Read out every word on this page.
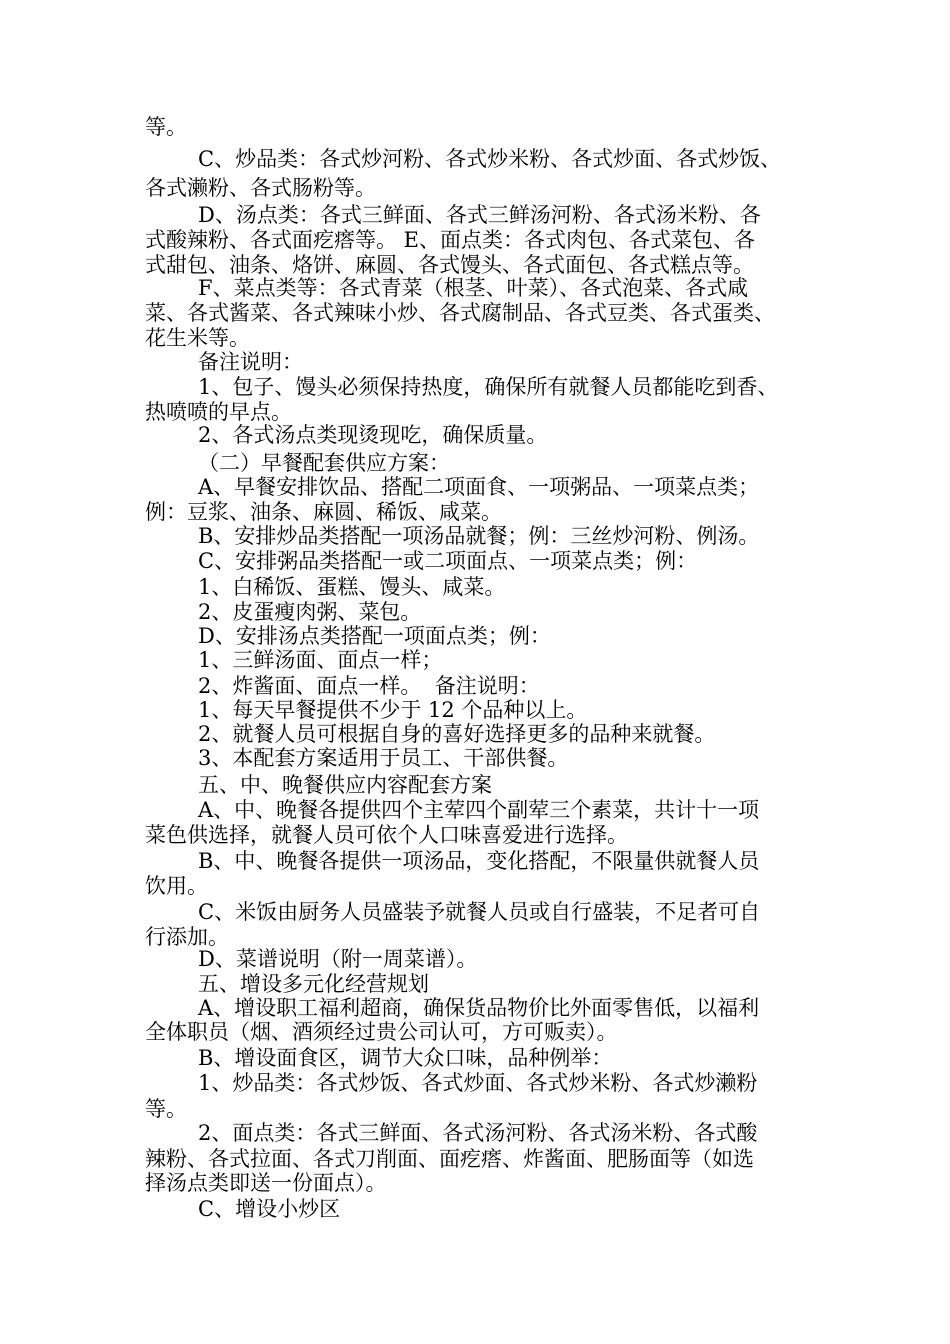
等。
C、炒品类：各式炒河粉、各式炒米粉、各式炒面、各式炒饭、
各式濑粉、各式肠粉等。
D、汤点类：各式三鲜面、各式三鲜汤河粉、各式汤米粉、各
式酸辣粉、各式面疙瘩等。 E、面点类：各式肉包、各式菜包、各
式甜包、油条、烙饼、麻圆、各式馒头、各式面包、各式糕点等。
F、菜点类等：各式青菜（根茎、叶菜）、各式泡菜、各式咸
菜、各式酱菜、各式辣味小炒、各式腐制品、各式豆类、各式蛋类、
花生米等。
备注说明：
1、包子、馒头必须保持热度，确保所有就餐人员都能吃到香、
热喷喷的早点。
2、各式汤点类现烫现吃，确保质量。
（二）早餐配套供应方案：
A、早餐安排饮品、搭配二项面食、一项粥品、一项菜点类；
例：豆浆、油条、麻圆、稀饭、咸菜。
B、安排炒品类搭配一项汤品就餐；例：三丝炒河粉、例汤。
C、安排粥品类搭配一或二项面点、一项菜点类；例：
1、白稀饭、蛋糕、馒头、咸菜。
2、皮蛋瘦肉粥、菜包。
D、安排汤点类搭配一项面点类；例：
1、三鲜汤面、面点一样；
2、炸酱面、面点一样。  备注说明：
1、每天早餐提供不少于 12 个品种以上。
2、就餐人员可根据自身的喜好选择更多的品种来就餐。
3、本配套方案适用于员工、干部供餐。
五、中、晚餐供应内容配套方案
A、中、晚餐各提供四个主荤四个副荤三个素菜，共计十一项
菜色供选择，就餐人员可依个人口味喜爱进行选择。
B、中、晚餐各提供一项汤品，变化搭配，不限量供就餐人员
饮用。
C、米饭由厨务人员盛装予就餐人员或自行盛装，不足者可自
行添加。
D、菜谱说明（附一周菜谱）。
五、增设多元化经营规划
A、增设职工福利超商，确保货品物价比外面零售低，以福利
全体职员（烟、酒须经过贵公司认可，方可贩卖）。
B、增设面食区，调节大众口味，品种例举：
1、炒品类：各式炒饭、各式炒面、各式炒米粉、各式炒濑粉
等。
2、面点类：各式三鲜面、各式汤河粉、各式汤米粉、各式酸
辣粉、各式拉面、各式刀削面、面疙瘩、炸酱面、肥肠面等（如选
择汤点类即送一份面点）。
C、增设小炒区
